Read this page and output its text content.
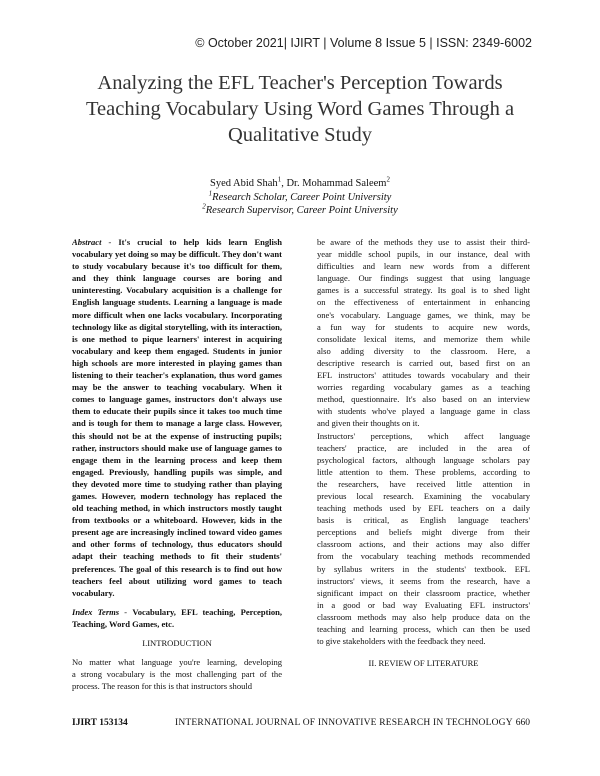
© October 2021| IJIRT | Volume 8 Issue 5 | ISSN: 2349-6002
Analyzing the EFL Teacher's Perception Towards
Teaching Vocabulary Using Word Games Through a
Qualitative Study
Syed Abid Shah$^1$, Dr. Mohammad Saleem$^2$
$^1$Research Scholar, Career Point University
$^2$Research Supervisor, Career Point University
Abstract - It's crucial to help kids learn English
vocabulary yet doing so may be difficult. They don't want
to study vocabulary because it's too difficult for them,
and they think language courses are boring and
uninteresting. Vocabulary acquisition is a challenge for
English language students. Learning a language is made
more difficult when one lacks vocabulary. Incorporating
technology like as digital storytelling, with its interaction,
is one method to pique learners' interest in acquiring
vocabulary and keep them engaged. Students in junior
high schools are more interested in playing games than
listening to their teacher's explanation, thus word games
may be the answer to teaching vocabulary. When it
comes to language games, instructors don't always use
them to educate their pupils since it takes too much time
and is tough for them to manage a large class. However,
this should not be at the expense of instructing pupils;
rather, instructors should make use of language games to
engage them in the learning process and keep them
engaged. Previously, handling pupils was simple, and
they devoted more time to studying rather than playing
games. However, modern technology has replaced the
old teaching method, in which instructors mostly taught
from textbooks or a whiteboard. However, kids in the
present age are increasingly inclined toward video games
and other forms of technology, thus educators should
adapt their teaching methods to fit their students'
preferences. The goal of this research is to find out how
teachers feel about utilizing word games to teach
vocabulary.
Index Terms - Vocabulary, EFL teaching, Perception,
Teaching, Word Games, etc.
I.INTRODUCTION
No matter what language you're learning, developing
a strong vocabulary is the most challenging part of the
process. The reason for this is that instructors should
be aware of the methods they use to assist their third-
year middle school pupils, in our instance, deal with
difficulties and learn new words from a different
language. Our findings suggest that using language
games is a successful strategy. Its goal is to shed light
on the effectiveness of entertainment in enhancing
one's vocabulary. Language games, we think, may be
a fun way for students to acquire new words,
consolidate lexical items, and memorize them while
also adding diversity to the classroom. Here, a
descriptive research is carried out, based first on an
EFL instructors' attitudes towards vocabulary and their
worries regarding vocabulary games as a teaching
method, questionnaire. It's also based on an interview
with students who've played a language game in class
and given their thoughts on it.
Instructors' perceptions, which affect language
teachers' practice, are included in the area of
psychological factors, although language scholars pay
little attention to them. These problems, according to
the researchers, have received little attention in
previous local research. Examining the vocabulary
teaching methods used by EFL teachers on a daily
basis is critical, as English language teachers'
perceptions and beliefs might diverge from their
classroom actions, and their actions may also differ
from the vocabulary teaching methods recommended
by syllabus writers in the students' textbook. EFL
instructors' views, it seems from the research, have a
significant impact on their classroom practice, whether
in a good or bad way Evaluating EFL instructors'
classroom methods may also help produce data on the
teaching and learning process, which can then be used
to give stakeholders with the feedback they need.
II. REVIEW OF LITERATURE
IJIRT 153134	INTERNATIONAL JOURNAL OF INNOVATIVE RESEARCH IN TECHNOLOGY 660
